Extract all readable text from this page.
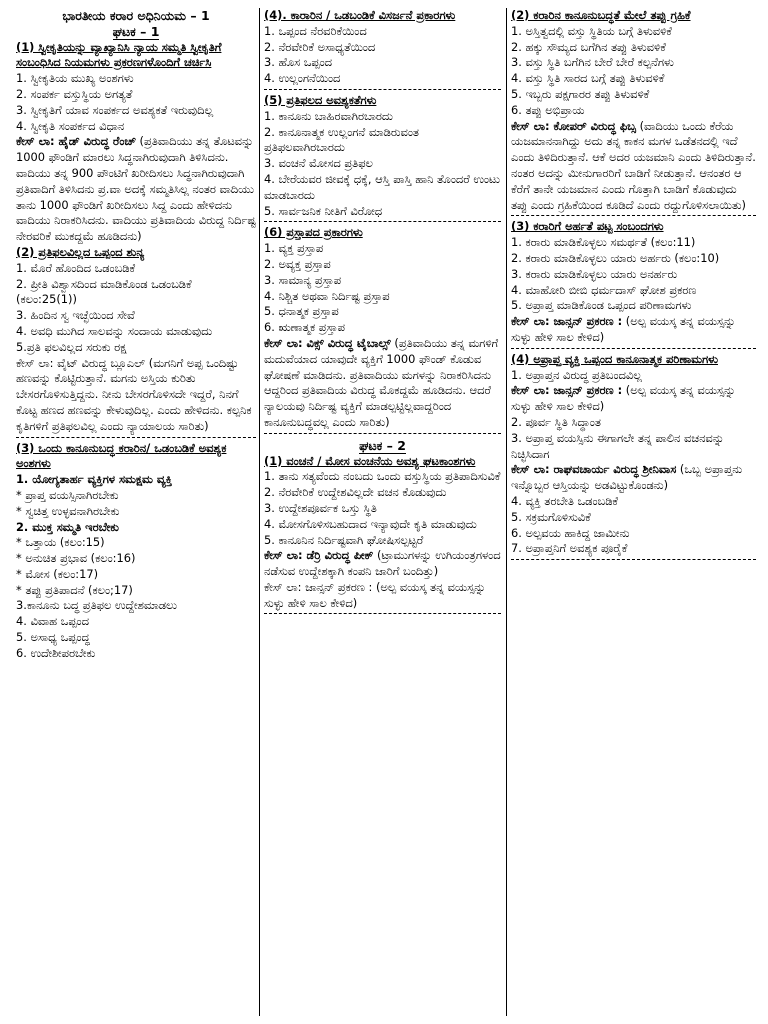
ಭಾರತೀಯ ಕರಾರ ಅಧಿನಿಯಮ – 1
ಘಟಕ – 1
(1) ಸ್ವೀಕೃತಿಯನ್ನು ವ್ಯಾಖ್ಯಾನಿಸಿ ನ್ಯಾಯ ಸಮ್ಮತಿ ಸ್ವೀಕೃತಿಗೆ ಸಂಬಂಧಿಸಿದ ನಿಯಮಗಳು ಪ್ರಕರಣಗಳೊಂದಿಗೆ ಚರ್ಚಿಸಿ
1. ಸ್ವೀಕೃತಿಯ ಮುಖ್ಯ ಅಂಶಗಳು
2. ಸಂಪರ್ಕ ವಸ್ತುಸ್ಥಿಯ ಅಗತ್ಯತೆ
3. ಸ್ವೀಕೃತಿಗೆ ಯಾವ ಸಂಪರ್ಕದ ಅವಶ್ಯಕತೆ ಇರುವುದಿಲ್ಲ
4. ಸ್ವೀಕೃತಿ ಸಂಪರ್ಕದ ವಿಧಾನ
ಕೇಸ್ ಲಾ: ಹೈಡ್ ವಿರುದ್ಧ ರೆಂಚ್ (ಪ್ರತಿವಾದಿಯು ತನ್ನ ತೊಟವನ್ನು 1000 ಫೌಂಡಿಗೆ ಮಾರಲು ಸಿದ್ಧನಾಗಿರುವುದಾಗಿ ತಿಳಿಸಿದನು. ವಾದಿಯು ತನ್ನ 900 ಪೌಂಟಿಗೆ ಖರೀದಿಸಲು ಸಿದ್ಧನಾಗಿರುವುದಾಗಿ ಪ್ರತಿವಾದಿಗೆ ತಿಳಿಸಿದನು ಪ್ರ.ವಾ ಅದಕ್ಕೆ ಸಮ್ಮತಿಸಿಲ್ಲ ನಂತರ ವಾದಿಯು ತಾನು 1000 ಫೌಂಡಿಗೆ ಖರೀದಿಸಲು ಸಿದ್ದ ಎಂದು ಹೇಳಿದನು ವಾದಿಯು ನಿರಾಕರಿಸಿದನು. ವಾದಿಯು ಪ್ರತಿವಾದಿಯ ವಿರುದ್ದ ನಿರ್ದಿಷ್ಟ ನೇರವರಿಕೆ ಮುಕದ್ದಮೆ ಹೂಡಿದನು)
(2) ಪ್ರತಿಫಲವಿಲ್ಲದ ಒಪ್ಪಂದ ಶುನ್ಯ
1. ಮೊರೆ ಹೊಂದಿದ ಒಡಂಬಡಿಕೆ
2. ಪ್ರೀತಿ ವಿಶ್ವಾಸದಿಂದ ಮಾಡಿಕೊಂಡ ಒಡಂಬಡಿಕೆ (ಕಲಂ:25(1))
3. ಹಿಂದಿನ ಸ್ವ ಇಚ್ಛೆಯಿಂದ ಸೇವೆ
4. ಅವಧಿ ಮುಗಿದ ಸಾಲವನ್ನು ಸಂದಾಯ ಮಾಡುವುದು
5.ಪ್ರತಿ ಫಲವಿಲ್ಲದ ಸರುಕು ರಕ್ಷ
ಕೇಸ್ ಲಾ: ವೈಟ್ ವಿರುದ್ಧ ಬ್ಲೂಎಲ್ (ಮಗನಿಗೆ ಅಪ್ಪ ಒಂದಿಷ್ಟು ಹಣವನ್ನು ಕೊಟ್ಟಿರುತ್ತಾನೆ. ಮಗನು ಅಸ್ತಿಯ ಕುರಿತು ಬೇಸರಗೊಳಿಸುತ್ತಿದ್ದನು. ನೀನು ಬೇಸರಗೊಳಿಸದೇ ಇದ್ದರೆ, ನಿನಗೆ ಕೊಟ್ಟ ಹಣದ ಹಣವನ್ನು ಕೇಳುವುದಿಲ್ಲ. ಎಂದು ಹೇಳಿದನು. ಕಲ್ಪನಿಕ ಕೃತಿಗಳಿಗೆ ಪ್ರತಿಫಲವಿಲ್ಲ ಎಂದು ನ್ಯಾಯಾಲಯ ಸಾರಿತು)
(3) ಒಂದು ಕಾನೂನುಬದ್ಧ ಕರಾರಿನ/ ಒಡಂಬಡಿಕೆ ಅವಶ್ಯಕ ಅಂಶಗಳು
1. ಯೋಗ್ಯತಾರ್ಹ ವ್ಯಕ್ತಿಗಳ ಸಮಕ್ಷಮ ವ್ಯಕ್ತಿ
* ಪ್ರಾಪ್ತ ವಯಸ್ಸಿನಾಗಿರಬೇಕು
* ಸ್ವಚಿತ್ತ ಉಳ್ಳವನಾಗಿರಬೇಕು
2. ಮುಕ್ತ ಸಮ್ಮತಿ ಇರಬೇಕು
* ಒತ್ತಾಯ (ಕಲಂ:15)
* ಅನುಚಿತ ಪ್ರಭಾವ (ಕಲಂ:16)
* ಮೋಸ (ಕಲಂ:17)
* ತಪ್ಪು ಪ್ರತಿಪಾದನೆ (ಕಲಂ;17)
3.ಕಾನೂನು ಬದ್ಧ ಪ್ರತಿಫಲ ಉದ್ದೇಶಮಾಡಲು
4. ವಿವಾಹ ಒಪ್ಪಂದ
5. ಅಸಾಧ್ಯ ಒಪ್ಪಂದ್ಧ
6. ಉದೇಶೀಪರಬೇಕು
(4). ಕಾರಾರಿನ / ಒಡಬಂಡಿಕೆ ವಿಸರ್ಜನೆ ಪ್ರಕಾರಗಳು
1. ಒಪ್ಪಂದ ನೆರವರಿಕೆಯಿಂದ
2. ನೆರವೇರಿಕೆ ಅಸಾಧ್ಯತೆಯಿಂದ
3. ಹೊಸ ಒಪ್ಪಂದ
4. ಉಲ್ಲಂಗನೆಯಿಂದ
(5) ಪ್ರತಿಫಲದ ಅವಶ್ಯಕತೆಗಳು
1. ಕಾನೂನು ಬಾಹಿರವಾಗಿರಬಾರದು
2. ಕಾನೂನಾತ್ಮಕ ಉಲ್ಲಂಗನೆ ಮಾಡಿರುವಂತ ಪ್ರತಿಫಲವಾಗಿರಬಾರದು
3. ವಂಚನೆ ಮೋಸದ ಪ್ರತಿಫಲ
4. ಬೇರೆಯವರ ಜೀವಕ್ಕೆ ಧಕ್ಕೆ, ಆಸ್ತಿ ಪಾಸ್ತಿ ಹಾನಿ ತೊಂದರೆ ಉಂಟು ಮಾಡಬಾರದು
5. ಸಾರ್ವಜನಿಕ ನೀತಿಗೆ ವಿರೋಧ
(6) ಪ್ರಸ್ತಾಪದ ಪ್ರಕಾರಗಳು
1. ವ್ಯಕ್ತ ಪ್ರಸ್ತಾಪ
2. ಅವ್ಯಕ್ತ ಪ್ರಸ್ತಾಪ
3. ಸಾಮಾನ್ಯ ಪ್ರಸ್ತಾಪ
4. ನಿಶ್ಚಿತ ಅಥವಾ ನಿರ್ದಿಷ್ಟ ಪ್ರಸ್ತಾಪ
5. ಧನಾತ್ಮಕ ಪ್ರಸ್ತಾಪ
6. ಋಣಾತ್ಮಕ ಪ್ರಸ್ತಾಪ
ಕೇಸ್ ಲಾ: ವಿಕ್ಸ್ ವಿರುದ್ಧ ಟೈಬಾಲ್ಸ್ (ಪ್ರತಿವಾದಿಯು ತನ್ನ ಮಗಳಿಗೆ ಮದುವೆಯಾದ ಯಾವುದೇ ವ್ಯಕ್ತಿಗೆ 1000 ಫೌಂಡ್ ಕೊಡುವ ಘೋಷಣೆ ಮಾಡಿದನು. ಪ್ರತಿವಾದಿಯು ಮಗಳನ್ನು ನಿರಾಕರಿಸಿದನು ಆದ್ದರಿಂದ ಪ್ರತಿವಾದಿಯ ವಿರುದ್ಧ ಮೊಕದ್ದಮೆ ಹೂಡಿದನು. ಆದರೆ ನ್ಯಾಲಯವು ನಿರ್ದಿಷ್ಟ ವ್ಯಕ್ತಿಗೆ ಮಾಡಲ್ಪಟ್ಟಿಲ್ಲವಾದ್ದರಿಂದ ಕಾನೂನುಬದ್ಧವಲ್ಲ ಎಂದು ಸಾರಿತು)
ಘಟಕ – 2
(1) ವಂಚನೆ / ಮೋಸ ವಂಚನೆಯ ಅವಶ್ಯ ಘಟಕಾಂಶಗಳು
1. ತಾನು ಸತ್ಯವೆಂದು ನಂಬದು ಒಂದು ವಸ್ತುಸ್ಥಿಯ ಪ್ರತಿಪಾದಿಸುವಿಕೆ
2. ನೆರವೇರಿಕೆ ಉದ್ದೇಶವಿಲ್ಲದೇ ವಚನ ಕೊಡುವುದು
3. ಉದ್ದೇಶಪೂರ್ವಕ ಒಸ್ತು ಸ್ಥಿತಿ
4. ಮೋಸಗೊಳಿಸಬಹುದಾದ ಇನ್ಯಾವುದೇ ಕೃತಿ ಮಾಡುವುದು
5. ಕಾನೂನಿನ ನಿರ್ದಿಷ್ಟವಾಗಿ ಘೋಷಿಸಲ್ಪಟ್ಟರೆ
ಕೇಸ್ ಲಾ: ಡೆರ್ರಿ ವಿರುದ್ಧ ಪೀಕ್ (ಟ್ರಾಮುಗಳನ್ನು ಉಗಿಯಂತ್ರಗಳಂದ ನಡೆಸುವ ಉದ್ದೇಶಕ್ಕಾಗಿ ಕಂಪನಿ ಜಾರಿಗೆ ಬಂದಿತ್ತು)
ಕೇಸ್ ಲಾ: ಜಾನ್ಸನ್ ಪ್ರಕರಣ : (ಅಲ್ಪ ವಯಸ್ಕ ತನ್ನ ವಯಸ್ಸನ್ನು ಸುಳ್ಳು ಹೇಳಿ ಸಾಲ ಕೇಳಿದ)
(2) ಕರಾರಿನ ಕಾನೂನುಬದ್ಧತೆ ಮೇಲೆ ತಪ್ಪು ಗ್ರಹಿಕೆ
1. ಅಸ್ತಿತ್ವದಲ್ಲಿ ವಸ್ತು ಸ್ಥಿತಿಯ ಬಗ್ಗೆ ತಿಳುವಳಿಕೆ
2. ಹಕ್ಕು ಸೌಮ್ಯದ ಬಗೆಗಿನ ತಪ್ಪು ತಿಳುವಳಿಕೆ
3. ವಸ್ತು ಸ್ಥಿತಿ ಬಗೆಗಿನ ಬೇರೆ ಬೇರೆ ಕಲ್ಪನೆಗಳು
4. ವಸ್ತು ಸ್ಥಿತಿ ಸಾರದ ಬಗ್ಗೆ ತಪ್ಪು ತಿಳುವಳಿಕೆ
5. ಇಬ್ಬರು ಪಕ್ಷಗಾರರ ತಪ್ಪು ತಿಳುವಳಿಕೆ
6. ತಪ್ಪು ಅಭಿಪ್ರಾಯ
ಕೇಸ್ ಲಾ: ಕೋಪರ್ ವಿರುದ್ಧ ಫಿಬ್ಸ (ವಾದಿಯು ಒಂದು ಕೆರೆಯ ಯಜಮಾನನಾಗಿದ್ದು ಅದು ತನ್ನ ಕಾಕನ ಮಗಳ ಒಡೆತನದಲ್ಲಿ ಇದೆ ಎಂದು ತಿಳಿದಿರುತ್ತಾನೆ. ಆಕೆ ಅದರ ಯಜಮಾನಿ ಎಂದು ತಿಳಿದಿರುತ್ತಾನೆ. ನಂತರ ಅದನ್ನು ಮೀನುಗಾರರಿಗೆ ಬಾಡಿಗೆ ನೀಡುತ್ತಾನೆ. ಆನಂತರ ಆ ಕೆರೆಗೆ ತಾನೇ ಯಜಮಾನ ಎಂದು ಗೊತ್ತಾಗಿ ಬಾಡಿಗೆ ಕೊಡುವುದು ತಪ್ಪು ಎಂದು ಗ್ರಹಿಕೆಯಿಂದ ಕೂಡಿದೆ ಎಂದು ರದ್ದುಗೊಳಿಸಲಾಯಿತು)
(3) ಕರಾರಿಗೆ ಅರ್ಹತೆ ಪಟ್ಟ ಸಂಬಂದಗಳು
1. ಕರಾರು ಮಾಡಿಕೊಳ್ಳಲು ಸಮರ್ಥತೆ (ಕಲಂ:11)
2. ಕರಾರು ಮಾಡಿಕೊಳ್ಳಲು ಯಾರು ಅರ್ಹರು (ಕಲಂ:10)
3. ಕರಾರು ಮಾಡಿಕೊಳ್ಳಲು ಯಾರು ಅನರ್ಹರು
4. ಮಾಹೋರಿ ಬೀಬಿ ಧರ್ಮದಾಸ್ ಘೋಶ ಪ್ರಕರಣ
5. ಅಪ್ರಾಪ್ತ ಮಾಡಿಕೊಂಡ ಒಪ್ಪಂದ ಪರಿಣಾಮಗಳು
ಕೇಸ್ ಲಾ: ಜಾನ್ಸನ್ ಪ್ರಕರಣ : (ಅಲ್ಪ ವಯಸ್ಕ ತನ್ನ ವಯಸ್ಸನ್ನು ಸುಳ್ಳು ಹೇಳಿ ಸಾಲ ಕೇಳಿದ)
(4) ಅಪ್ರಾಪ್ತ ವ್ಯಕ್ತಿ ಒಪ್ಪಂದ ಕಾನೂನಾತ್ಮಕ ಪರಿಣಾಮಗಳು
1. ಅಪ್ರಾಪ್ತನ ವಿರುದ್ಧ ಪ್ರತಿಬಂದವಿಲ್ಲ
ಕೇಸ್ ಲಾ: ಜಾನ್ಸನ್ ಪ್ರಕರಣ : (ಅಲ್ಪ ವಯಸ್ಕ ತನ್ನ ವಯಸ್ಸನ್ನು ಸುಳ್ಳು ಹೇಳಿ ಸಾಲ ಕೇಳಿದ)
2. ಪೂರ್ವ ಸ್ಥಿತಿ ಸಿದ್ಧಾಂತ
3. ಅಪ್ರಾಪ್ತ ವಯಸ್ಸಿನು ಈಗಾಗಲೇ ತನ್ನ ಪಾಲಿನ ವಚನವನ್ನು ನಿಚ್ಛಿಸಿದಾಗ
ಕೇಸ್ ಲಾ: ರಾಘವಚಾರ್ಯ ವಿರುದ್ಧ ಶ್ರೀನಿವಾಸ (ಒಬ್ಬ ಅಪ್ರಾಪ್ತನು ಇನ್ನೊಬ್ಬರ ಆಸ್ತಿಯನ್ನು ಅಡವಿಟ್ಟುಕೊಂಡನು)
4. ವ್ಯಕ್ತಿ ತರಬೇತಿ ಒಡಂಬಡಿಕೆ
5. ಸಕ್ರಮಗೊಳಿಸುವಿಕೆ
6. ಅಲ್ಪವಯ ಹಾಕಿದ್ದ ಜಾಮೀನು
7. ಅಪ್ರಾಪ್ತನಿಗೆ ಅವಶ್ಯಕ ಪೂರೈಕೆ
